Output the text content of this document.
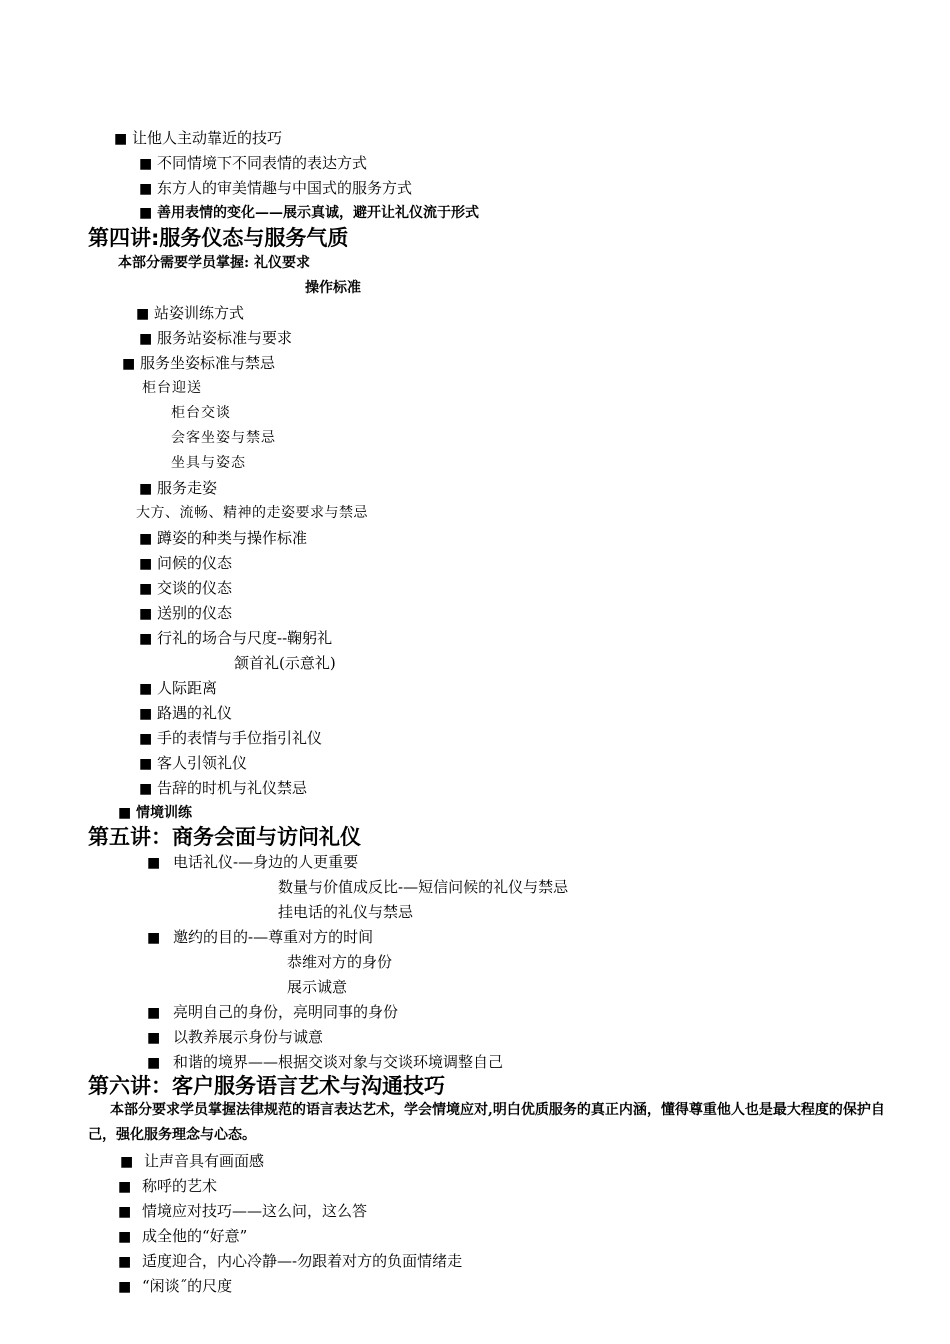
■ 让他人主动靠近的技巧
■ 不同情境下不同表情的表达方式
■ 东方人的审美情趣与中国式的服务方式
■ 善用表情的变化——展示真诚，避开让礼仪流于形式
第四讲:服务仪态与服务气质
本部分需要学员掌握: 礼仪要求
操作标准
■ 站姿训练方式
■ 服务站姿标准与要求
■ 服务坐姿标准与禁忌
柜台迎送
柜台交谈
会客坐姿与禁忌
坐具与姿态
■ 服务走姿
大方、流畅、精神的走姿要求与禁忌
■ 蹲姿的种类与操作标准
■ 问候的仪态
■ 交谈的仪态
■ 送别的仪态
■ 行礼的场合与尺度--鞠躬礼
颔首礼(示意礼)
■ 人际距离
■ 路遇的礼仪
■ 手的表情与手位指引礼仪
■ 客人引领礼仪
■ 告辞的时机与礼仪禁忌
■ 情境训练
第五讲：商务会面与访问礼仪
■ 电话礼仪-—身边的人更重要
数量与价值成反比-—短信问候的礼仪与禁忌
挂电话的礼仪与禁忌
■ 邀约的目的-—尊重对方的时间
恭维对方的身份
展示诚意
■ 亮明自己的身份，亮明同事的身份
■ 以教养展示身份与诚意
■ 和谐的境界——根据交谈对象与交谈环境调整自己
第六讲：客户服务语言艺术与沟通技巧
本部分要求学员掌握法律规范的语言表达艺术，学会情境应对,明白优质服务的真正内涵，懂得尊重他人也是最大程度的保护自己，强化服务理念与心态。
■ 让声音具有画面感
■ 称呼的艺术
■ 情境应对技巧——这么问，这么答
■ 成全他的“好意”
■ 适度迎合，内心冷静—-勿跟着对方的负面情绪走
■ “闲谈˝的尺度
